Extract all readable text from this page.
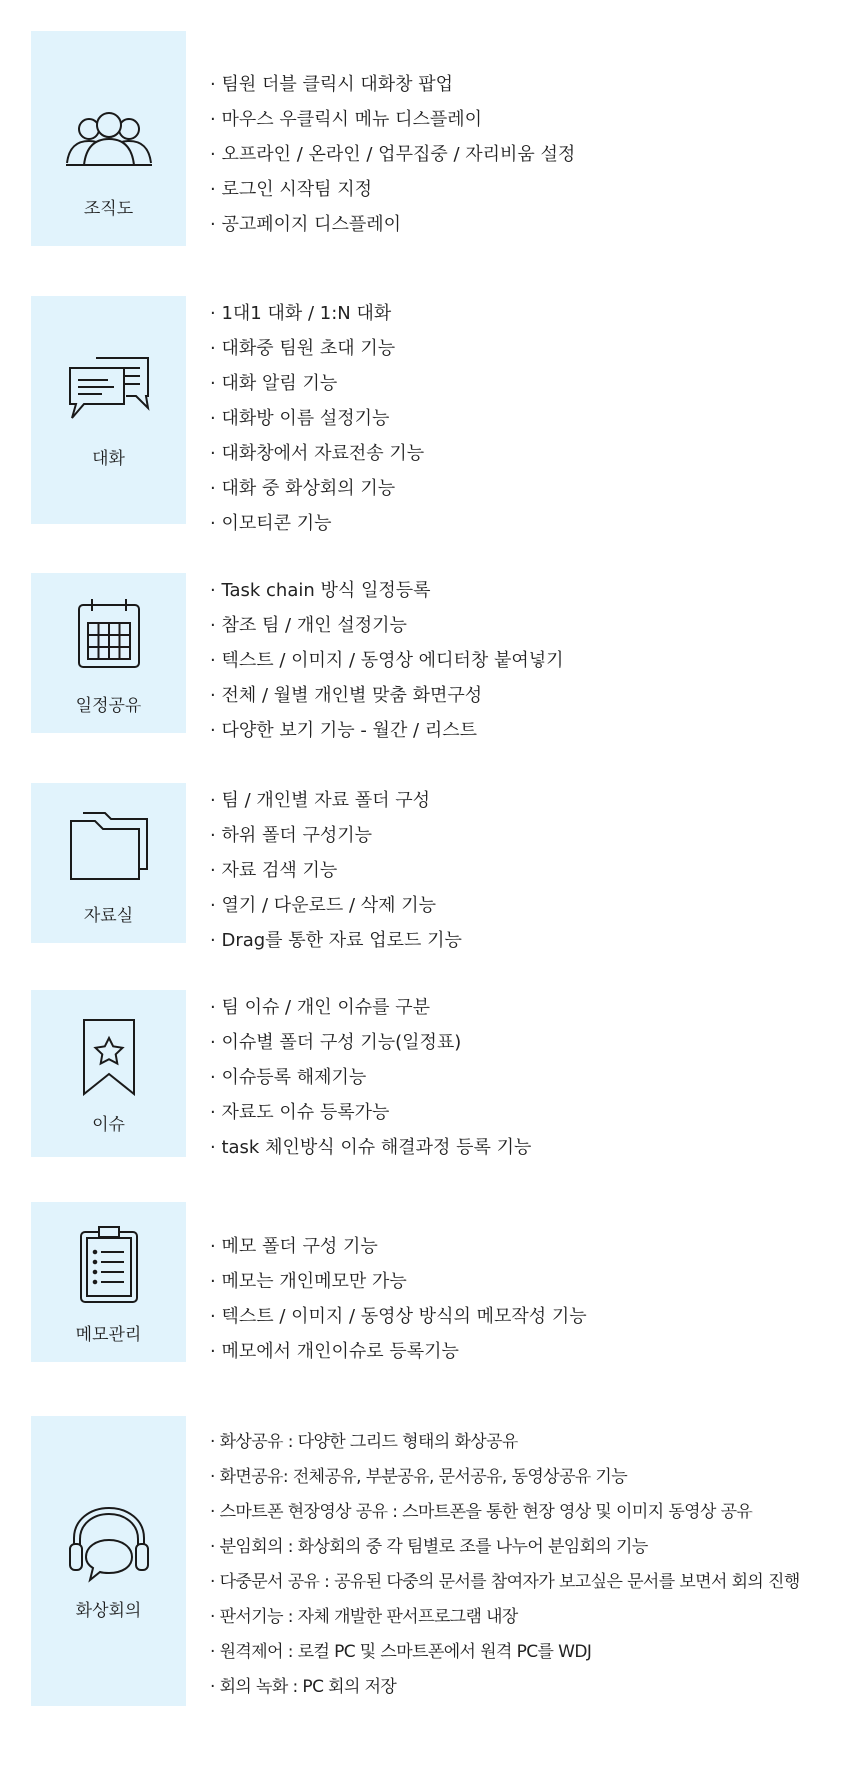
조직도
· 팀원 더블 클릭시 대화창 팝업
· 마우스 우클릭시 메뉴 디스플레이
· 오프라인 / 온라인 / 업무집중 / 자리비움 설정
· 로그인 시작팀 지정
· 공고페이지 디스플레이
대화
· 1대1 대화 / 1:N 대화
· 대화중 팀원 초대 기능
· 대화 알림 기능
· 대화방 이름 설정기능
· 대화창에서 자료전송 기능
· 대화 중 화상회의 기능
· 이모티콘 기능
일정공유
· Task chain 방식 일정등록
· 참조 팀 / 개인 설정기능
· 텍스트 / 이미지 / 동영상 에디터창 붙여넣기
· 전체 / 월별 개인별 맞춤 화면구성
· 다양한 보기 기능 - 월간 / 리스트
자료실
· 팀 / 개인별 자료 폴더 구성
· 하위 폴더 구성기능
· 자료 검색 기능
· 열기 / 다운로드 / 삭제 기능
· Drag를 통한 자료 업로드 기능
이슈
· 팀 이슈 / 개인 이슈를 구분
· 이슈별 폴더 구성 기능(일정표)
· 이슈등록 해제기능
· 자료도 이슈 등록가능
· task 체인방식 이슈 해결과정 등록 기능
메모관리
· 메모 폴더 구성 기능
· 메모는 개인메모만 가능
· 텍스트 / 이미지 / 동영상 방식의 메모작성 기능
· 메모에서 개인이슈로 등록기능
화상회의
· 화상공유 : 다양한 그리드 형태의 화상공유
· 화면공유: 전체공유, 부분공유, 문서공유, 동영상공유 기능
· 스마트폰 현장영상 공유 : 스마트폰을 통한 현장 영상 및 이미지 동영상 공유
· 분임회의 : 화상회의 중 각 팀별로 조를 나누어 분임회의 기능
· 다중문서 공유 : 공유된 다중의 문서를 참여자가 보고싶은 문서를 보면서 회의 진행
· 판서기능 : 자체 개발한 판서프로그램 내장
· 원격제어 : 로컬 PC 및 스마트폰에서 원격 PC를 WDJ
· 회의 녹화 : PC 회의 저장
